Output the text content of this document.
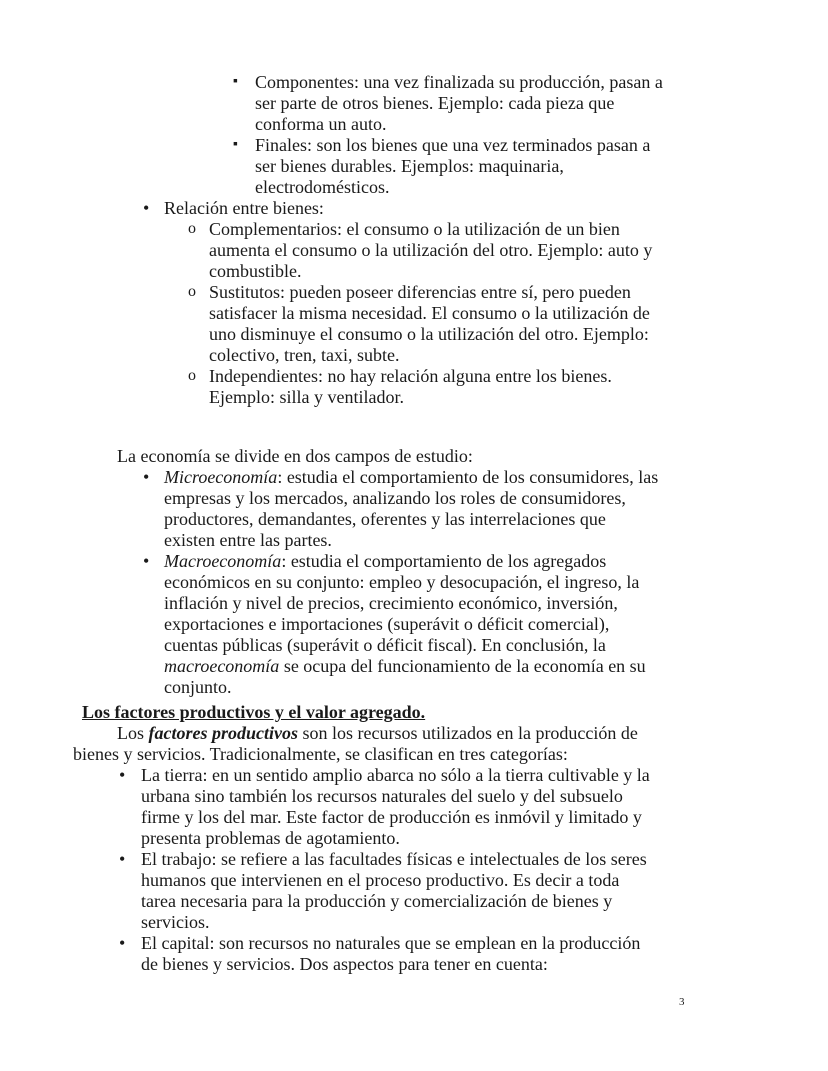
▪ Componentes: una vez finalizada su producción, pasan a
ser parte de otros bienes. Ejemplo: cada pieza que
conforma un auto.
▪ Finales: son los bienes que una vez terminados pasan a
ser bienes durables. Ejemplos: maquinaria,
electrodomésticos.
• Relación entre bienes:
o Complementarios: el consumo o la utilización de un bien
aumenta el consumo o la utilización del otro. Ejemplo: auto y
combustible.
o Sustitutos: pueden poseer diferencias entre sí, pero pueden
satisfacer la misma necesidad. El consumo o la utilización de
uno disminuye el consumo o la utilización del otro. Ejemplo:
colectivo, tren, taxi, subte.
o Independientes: no hay relación alguna entre los bienes.
Ejemplo: silla y ventilador.
La economía se divide en dos campos de estudio:
• Microeconomía: estudia el comportamiento de los consumidores, las
empresas y los mercados, analizando los roles de consumidores,
productores, demandantes, oferentes y las interrelaciones que
existen entre las partes.
• Macroeconomía: estudia el comportamiento de los agregados
económicos en su conjunto: empleo y desocupación, el ingreso, la
inflación y nivel de precios, crecimiento económico, inversión,
exportaciones e importaciones (superávit o déficit comercial),
cuentas públicas (superávit o déficit fiscal). En conclusión, la
macroeconomía se ocupa del funcionamiento de la economía en su
conjunto.
Los factores productivos y el valor agregado.
Los factores productivos son los recursos utilizados en la producción de
bienes y servicios. Tradicionalmente, se clasifican en tres categorías:
• La tierra: en un sentido amplio abarca no sólo a la tierra cultivable y la
urbana sino también los recursos naturales del suelo y del subsuelo
firme y los del mar. Este factor de producción es inmóvil y limitado y
presenta problemas de agotamiento.
• El trabajo: se refiere a las facultades físicas e intelectuales de los seres
humanos que intervienen en el proceso productivo. Es decir a toda
tarea necesaria para la producción y comercialización de bienes y
servicios.
• El capital: son recursos no naturales que se emplean en la producción
de bienes y servicios. Dos aspectos para tener en cuenta:
3
